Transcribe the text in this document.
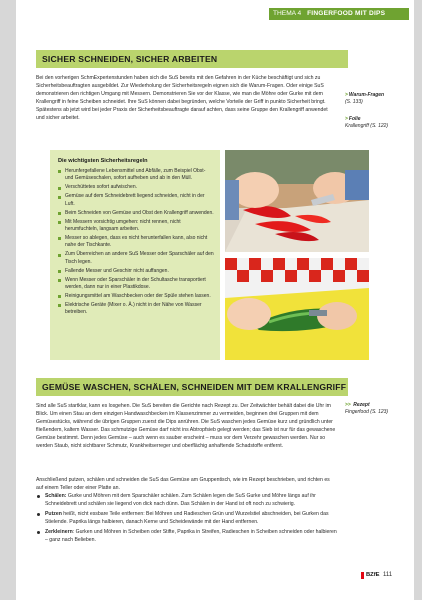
THEMA 4 FINGERFOOD MIT DIPS
SICHER SCHNEIDEN, SICHER ARBEITEN

Bei den vorherigen SchmExpertenstunden haben sich die SuS bereits mit den Gefahren in der Küche beschäftigt und sich zu Sicherheitsbeauftragten ausgebildet. Zur Wiederholung der Sicherheitsregeln eignen sich die Warum-Fragen. Oder einige SuS demonstrieren den richtigen Umgang mit Messern. Demonstrieren Sie vor der Klasse, wie man die Möhre oder Gurke mit dem Krallengriff in feine Scheiben schneidet. Ihre SuS können dabei begründen, welche Vorteile der Griff in punkto Sicherheit bringt. Spätestens ab jetzt wird bei jeder Praxis der Sicherheitsbeauftragte darauf achten, dass seine Gruppe den Krallengriff anwendet und sicher arbeitet.

>Warum-Fragen
(S. 133)
>Folie
Krallengriff (S. 122)
Die wichtigsten Sicherheitsregeln
Herunfergefallene Lebensmittel und Abfälle, zum Beispiel Obst- und Gemüseschalen, sofort aufheben und ab in den Müll.
Verschüttetes sofort aufwischen.
Gemüse auf dem Schneidebrett liegend schneiden, nicht in der Luft.
Beim Schneiden von Gemüse und Obst den Krallengriff anwenden.
Mit Messern vorsichtig umgehen: nicht rennen, nicht herumfuchteln, langsam arbeiten.
Messer so ablegen, dass es nicht herunterfallen kann, also nicht nahe der Tischkante.
Zum Überreichen an andere SuS Messer oder Sparschäler auf den Tisch legen.
Fallende Messer und Geschirr nicht auffangen.
Wenn Messer oder Sparschäler in der Schultasche transportiert werden, dann nur in einer Plastikdose.
Reinigungsmittel am Waschbecken oder der Spüle stehen lassen.
Elektrische Geräte (Mixer o. Ä.) nicht in der Nähe von Wasser betreiben.
GEMÜSE WASCHEN, SCHÄLEN, SCHNEIDEN MIT DEM KRALLENGRIFF

Sind alle SuS startklar, kann es losgehen. Die SuS bereiten die Gerichte nach Rezept zu. Der Zeitwächter behält dabei die Uhr im Blick. Um einen Stau an dem einzigen Handwaschbecken im Klassenzimmer zu vermeiden, beginnen drei Gruppen mit dem Gemüsestücks, während die übrigen Gruppen zuerst die Dips anrühren. Die SuS waschen jedes Gemüse kurz und gründlich unter fließendem, kaltem Wasser. Das schmutzige Gemüse darf nicht ins Abtropfsieb gelegt werden; das Sieb ist nur für das gewaschene Gemüse bestimmt. Denn jedes Gemüse – auch wenn es sauber erscheint – muss vor dem Verzehr gewaschen werden. Nur so werden Staub, nicht sichtbarer Schmutz, Krankheitserreger und oberflächig anhaftende Schadstoffe entfernt.

Anschließend putzen, schälen und schneiden die SuS das Gemüse am Gruppentisch, wie im Rezept beschrieben, und richten es auf einem Teller oder einer Platte an.

>> Rezept
Fingerfood (S. 123)
Schälen: Gurke und Möhren mit dem Sparschäler schälen. Zum Schälen legen die SuS Gurke und Möhre längs auf ihr Schneidebrett und schälen sie liegend von dick nach dünn. Das Schälen in der Hand ist oft noch zu schwierig.
Putzen heißt, nicht essbare Teile entfernen: Bei Möhren und Radieschen Grün und Wurzelstiel abschneiden, bei Gurken das Stielende. Paprika längs halbieren, danach Kerne und Scheidewände mit der Hand entfernen.
Zerkleinern: Gurken und Möhren in Scheiben oder Stifte, Paprika in Streifen, Radieschen in Scheiben schneiden oder halbieren – ganz nach Belieben.
BZfE 111
